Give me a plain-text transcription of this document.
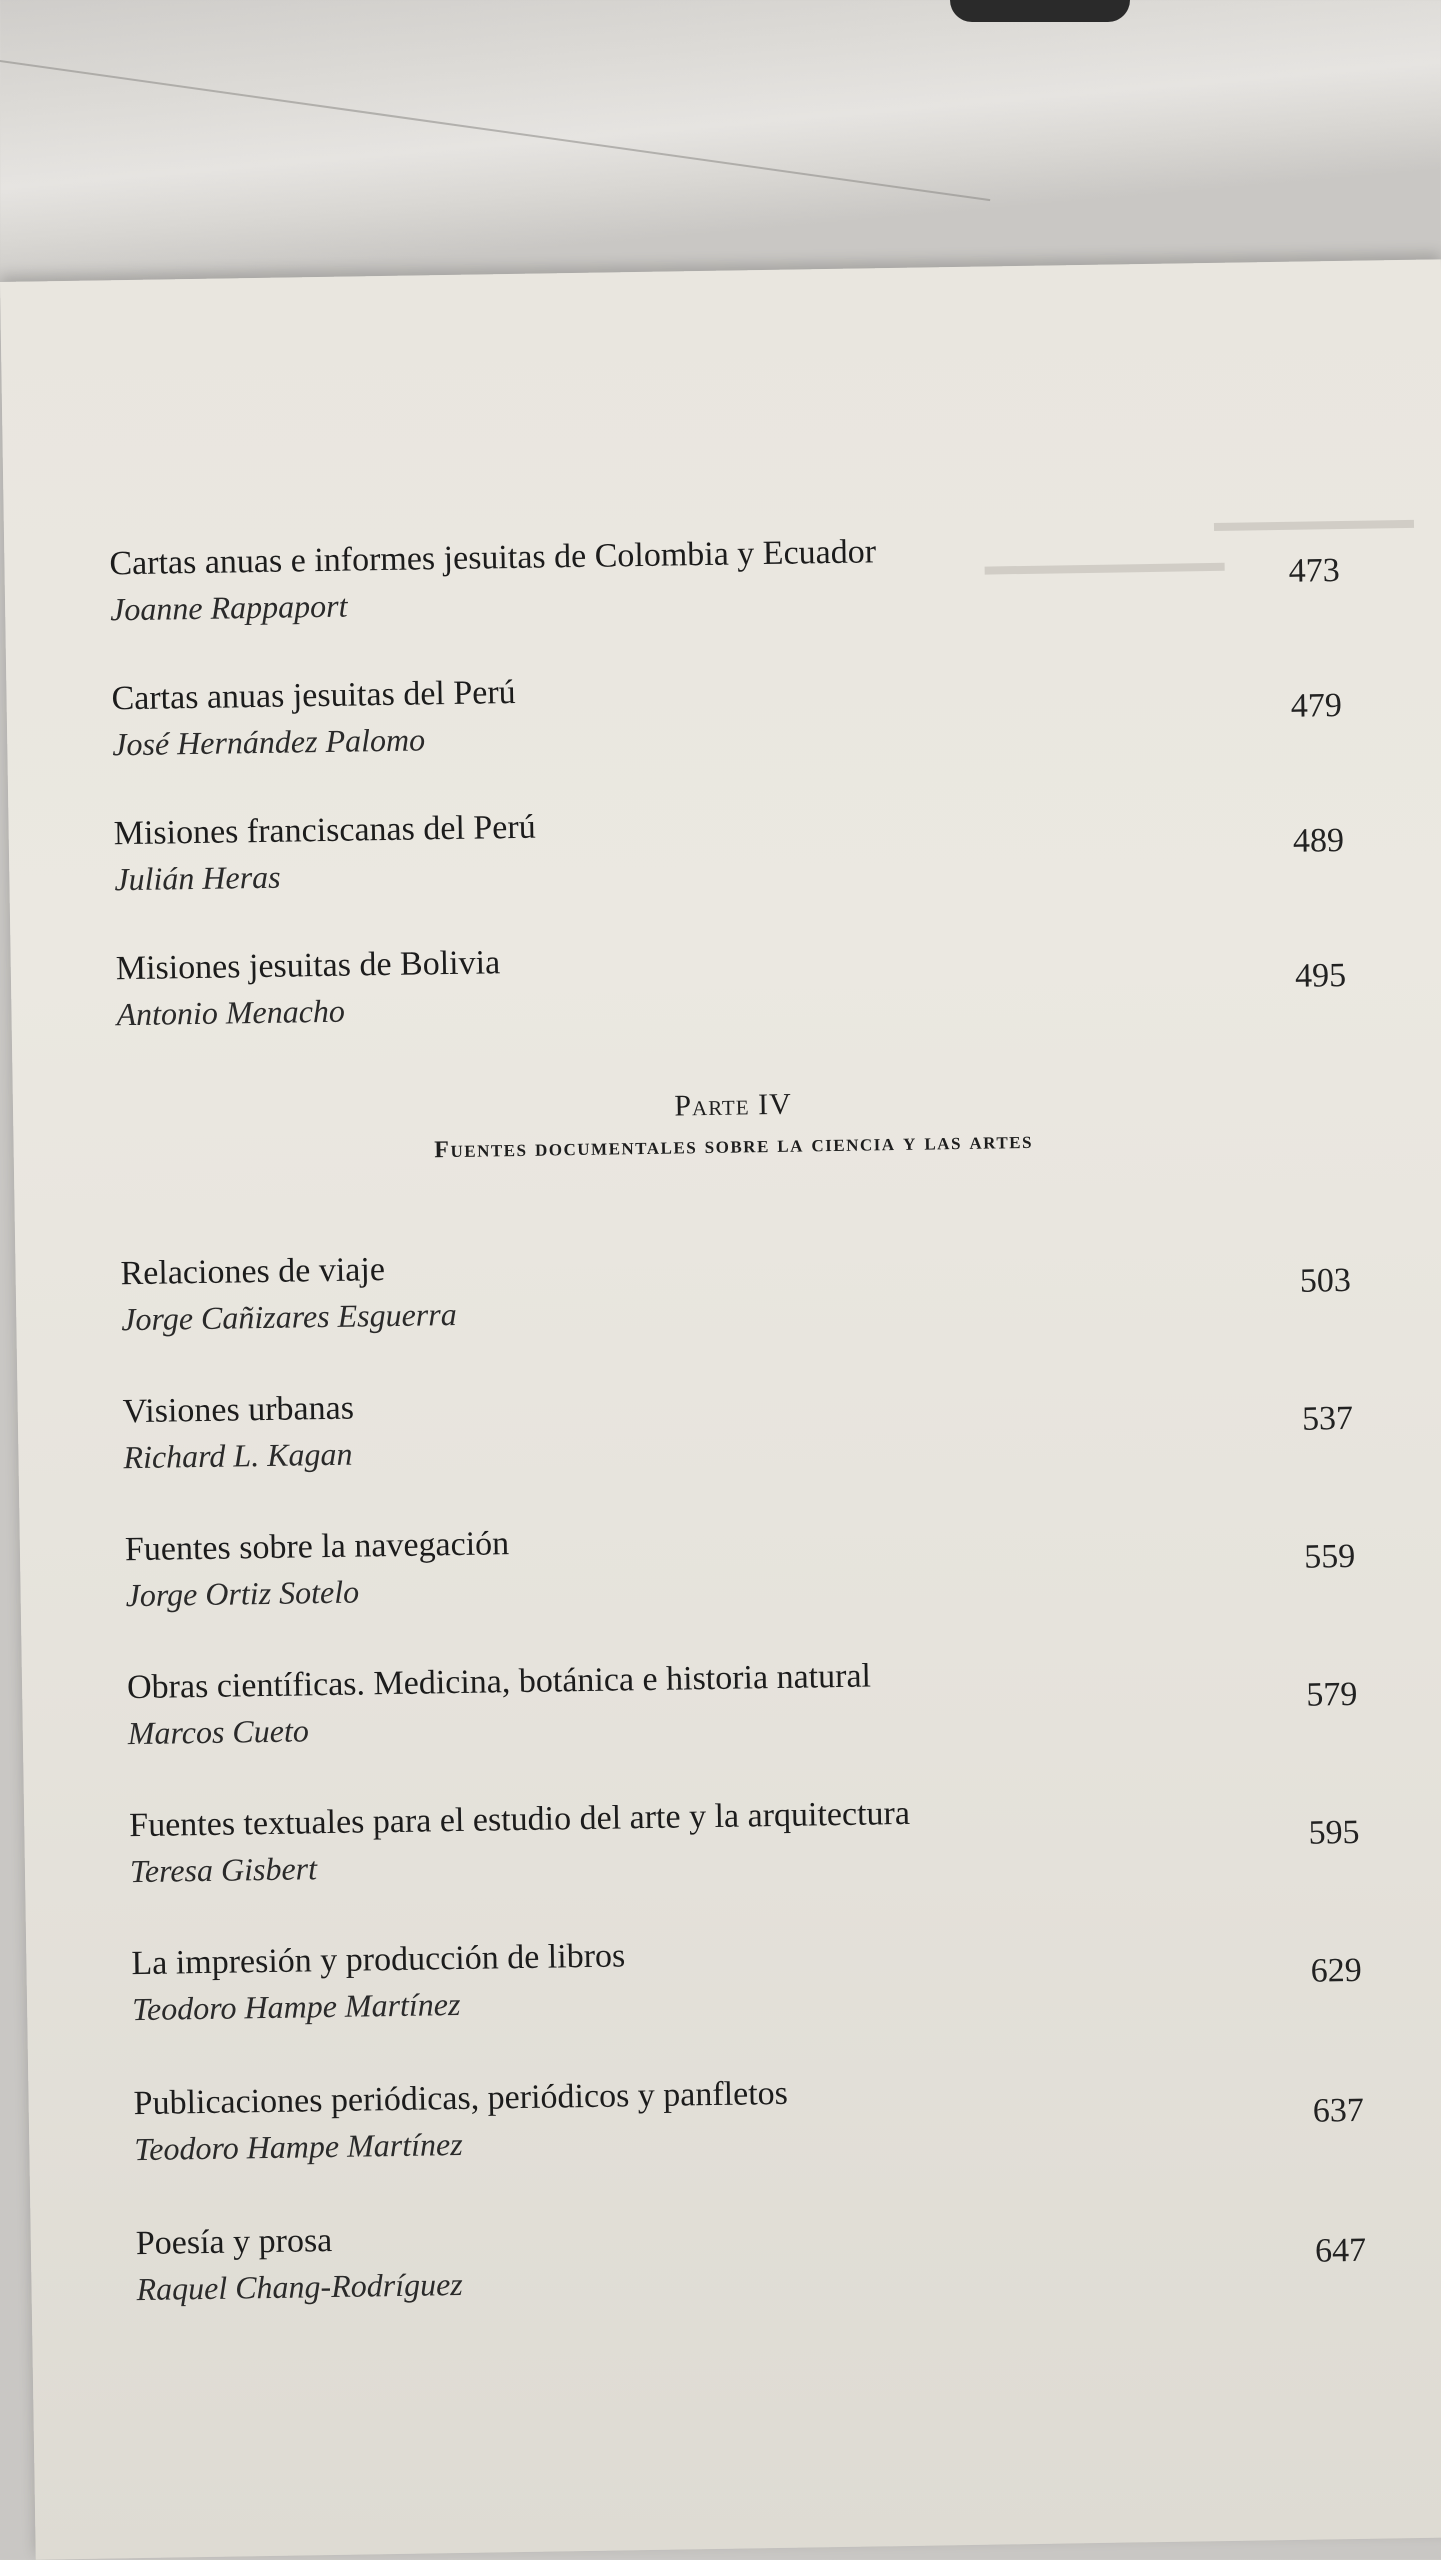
Cartas anuas e informes jesuitas de Colombia y Ecuador
Joanne Rappaport
473
Cartas anuas jesuitas del Perú
José Hernández Palomo
479
Misiones franciscanas del Perú
Julián Heras
489
Misiones jesuitas de Bolivia
Antonio Menacho
495
Parte IV
Fuentes documentales sobre la ciencia y las artes
Relaciones de viaje
Jorge Cañizares Esguerra
503
Visiones urbanas
Richard L. Kagan
537
Fuentes sobre la navegación
Jorge Ortiz Sotelo
559
Obras científicas. Medicina, botánica e historia natural
Marcos Cueto
579
Fuentes textuales para el estudio del arte y la arquitectura
Teresa Gisbert
595
La impresión y producción de libros
Teodoro Hampe Martínez
629
Publicaciones periódicas, periódicos y panfletos
Teodoro Hampe Martínez
637
Poesía y prosa
Raquel Chang-Rodríguez
647
